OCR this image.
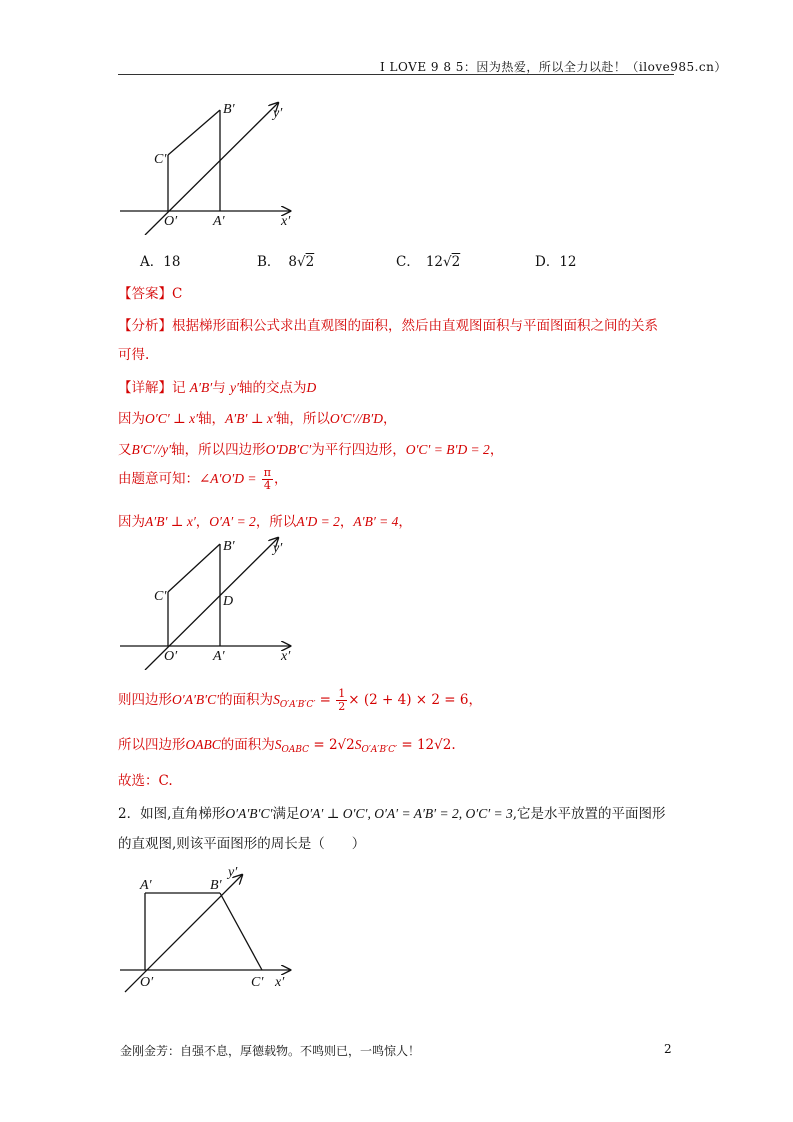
I LOVE 9 8 5：因为热爱，所以全力以赴！（ilove985.cn）
B′	y′
C′
O′	A′	x′
A．18	B． 8√2	C． 12√2	D．12
【答案】C
【分析】根据梯形面积公式求出直观图的面积，然后由直观图面积与平面图面积之间的关系
可得.
【详解】记 A′B′与 y′轴的交点为D
因为O′C′ ⊥ x′轴，A′B′ ⊥ x′轴，所以O′C′//B′D，
又B′C′//y′轴，所以四边形O′DB′C′为平行四边形，O′C′ = B′D = 2，
由题意可知：∠A′O′D = $\frac{\pi}{4}$ ，
因为A′B′ ⊥ x′，O′A′ = 2，所以A′D = 2，A′B′ = 4，
B′	y′
C′	D
O′	A′	x′
则四边形O′A′B′C′的面积为$S_{O'A'B'C'} = \frac{1}{2} \times (2 + 4) \times 2 = 6$，
所以四边形OABC的面积为$S_{OABC} = 2√2S_{O'A'B'C'} = 12√2$.
故选：C.
2．如图,直角梯形O′A′B′C′满足O′A′ ⊥ O′C′, O′A′ = A′B′ = 2, O′C′ = 3,它是水平放置的平面图形
的直观图,则该平面图形的周长是（　　）
A′	B′
y′
O′	C′ x′
金刚金芳：自强不息，厚德载物。不鸣则已，一鸣惊人！	2
